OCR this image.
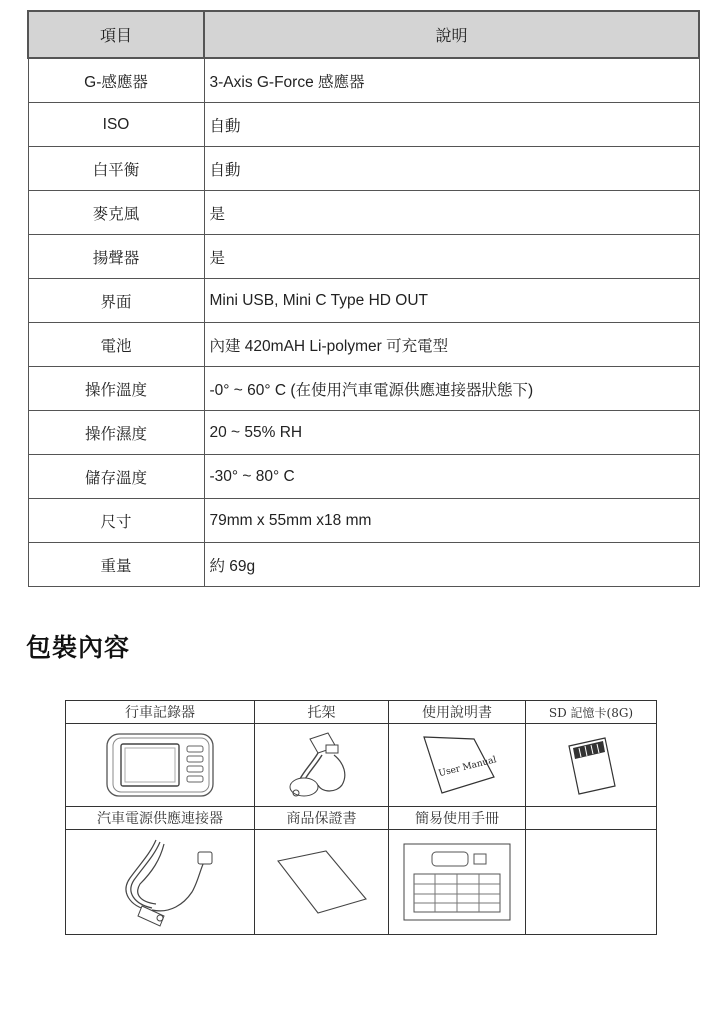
項目	說明
G-感應器	3-Axis G-Force 感應器
ISO	自動
白平衡	自動
麥克風	是
揚聲器	是
界面	Mini USB, Mini C Type HD OUT
電池	內建 420mAH Li-polymer 可充電型
操作溫度	-0° ~ 60° C (在使用汽車電源供應連接器狀態下)
操作濕度	20 ~ 55% RH
儲存溫度	-30° ~ 80° C
尺寸	79mm x 55mm x18 mm
重量	約 69g
包裝內容
行車記錄器	托架	使用說明書	SD 記憶卡(8G)

User Manual

汽車電源供應連接器	商品保證書	簡易使用手冊	
